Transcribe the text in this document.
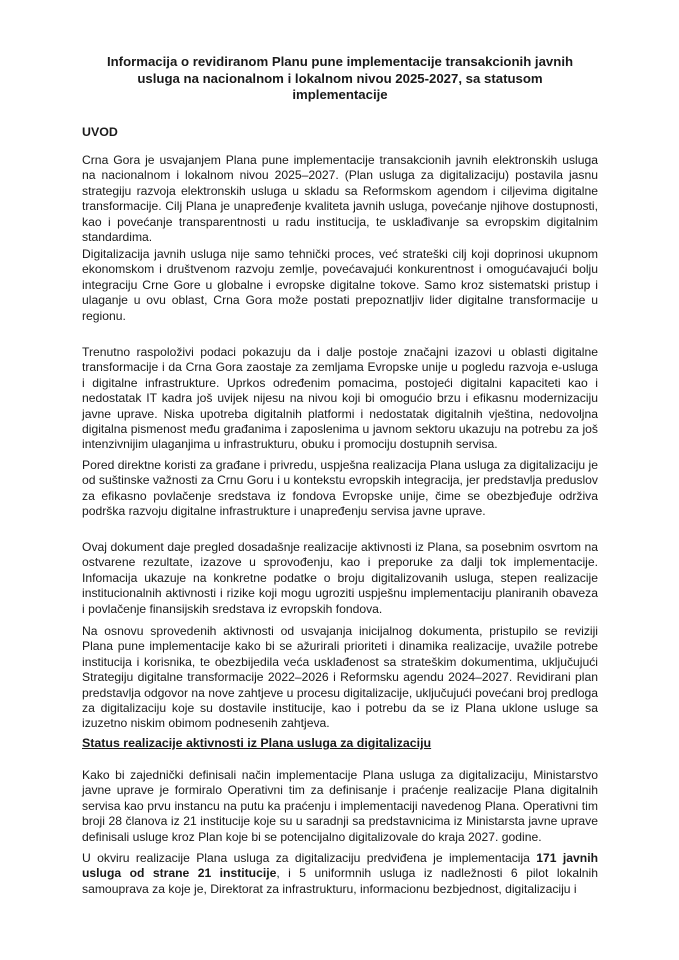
Informacija o revidiranom Planu pune implementacije transakcionih javnih usluga na nacionalnom i lokalnom nivou 2025-2027, sa statusom implementacije
UVOD
Crna Gora je usvajanjem Plana pune implementacije transakcionih javnih elektronskih usluga na nacionalnom i lokalnom nivou 2025–2027. (Plan usluga za digitalizaciju) postavila jasnu strategiju razvoja elektronskih usluga u skladu sa Reformskom agendom i ciljevima digitalne transformacije. Cilj Plana je unapređenje kvaliteta javnih usluga, povećanje njihove dostupnosti, kao i povećanje transparentnosti u radu institucija, te usklađivanje sa evropskim digitalnim standardima.
Digitalizacija javnih usluga nije samo tehnički proces, već strateški cilj koji doprinosi ukupnom ekonomskom i društvenom razvoju zemlje, povećavajući konkurentnost i omogućavajući bolju integraciju Crne Gore u globalne i evropske digitalne tokove. Samo kroz sistematski pristup i ulaganje u ovu oblast, Crna Gora može postati prepoznatljiv lider digitalne transformacije u regionu.
Trenutno raspoloživi podaci pokazuju da i dalje postoje značajni izazovi u oblasti digitalne transformacije i da Crna Gora zaostaje za zemljama Evropske unije u pogledu razvoja e-usluga i digitalne infrastrukture. Uprkos određenim pomacima, postojeći digitalni kapaciteti kao i nedostatak IT kadra još uvijek nijesu na nivou koji bi omogućio brzu i efikasnu modernizaciju javne uprave. Niska upotreba digitalnih platformi i nedostatak digitalnih vještina, nedovoljna digitalna pismenost među građanima i zaposlenima u javnom sektoru ukazuju na potrebu za još intenzivnijim ulaganjima u infrastrukturu, obuku i promociju dostupnih servisa.
Pored direktne koristi za građane i privredu, uspješna realizacija Plana usluga za digitalizaciju je od suštinske važnosti za Crnu Goru i u kontekstu evropskih integracija, jer predstavlja preduslov za efikasno povlačenje sredstava iz fondova Evropske unije, čime se obezbjeđuje održiva podrška razvoju digitalne infrastrukture i unapređenju servisa javne uprave.
Ovaj dokument daje pregled dosadašnje realizacije aktivnosti iz Plana, sa posebnim osvrtom na ostvarene rezultate, izazove u sprovođenju, kao i preporuke za dalji tok implementacije. Infomacija ukazuje na konkretne podatke o broju digitalizovanih usluga, stepen realizacije institucionalnih aktivnosti i rizike koji mogu ugroziti uspješnu implementaciju planiranih obaveza i povlačenje finansijskih sredstava iz evropskih fondova.
Na osnovu sprovedenih aktivnosti od usvajanja inicijalnog dokumenta, pristupilo se reviziji Plana pune implementacije kako bi se ažurirali prioriteti i dinamika realizacije, uvažile potrebe institucija i korisnika, te obezbijedila veća usklađenost sa strateškim dokumentima, uključujući Strategiju digitalne transformacije 2022–2026 i Reformsku agendu 2024–2027. Revidirani plan predstavlja odgovor na nove zahtjeve u procesu digitalizacije, uključujući povećani broj predloga za digitalizaciju koje su dostavile institucije, kao i potrebu da se iz Plana uklone usluge sa izuzetno niskim obimom podnesenih zahtjeva.
Status realizacije aktivnosti iz Plana usluga za digitalizaciju
Kako bi zajednički definisali način implementacije Plana usluga za digitalizaciju, Ministarstvo javne uprave je formiralo Operativni tim za definisanje i praćenje realizacije Plana digitalnih servisa kao prvu instancu na putu ka praćenju i implementaciji navedenog Plana. Operativni tim broji 28 članova iz 21 institucije koje su u saradnji sa predstavnicima iz Ministarsta javne uprave definisali usluge kroz Plan koje bi se potencijalno digitalizovale do kraja 2027. godine.
U okviru realizacije Plana usluga za digitalizaciju predviđena je implementacija 171 javnih usluga od strane 21 institucije, i 5 uniformnih usluga iz nadležnosti 6 pilot lokalnih samouprava za koje je, Direktorat za infrastrukturu, informacionu bezbjednost, digitalizaciju i
